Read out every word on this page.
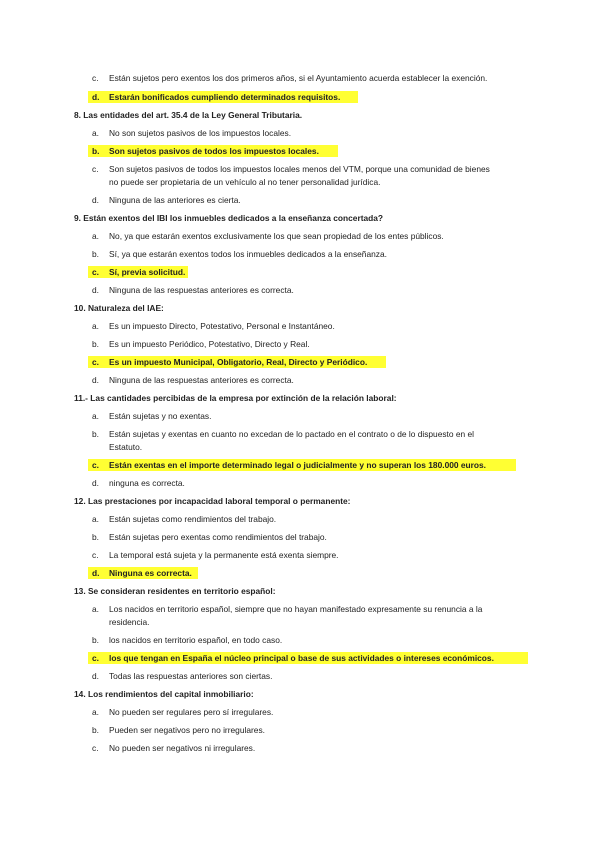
c.	Están sujetos pero exentos los dos primeros años, si el Ayuntamiento acuerda establecer la exención.
d.	Estarán bonificados cumpliendo determinados requisitos.
8. Las entidades del art. 35.4 de la Ley General Tributaria.
a.	No son sujetos pasivos de los impuestos locales.
b.	Son sujetos pasivos de todos los impuestos locales.
c.	Son sujetos pasivos de todos los impuestos locales menos del VTM, porque una comunidad de bienes
no puede ser propietaria de un vehículo al no tener personalidad jurídica.
d.	Ninguna de las anteriores es cierta.
9. Están exentos del IBI los inmuebles dedicados a la enseñanza concertada?
a.	No, ya que estarán exentos exclusivamente los que sean propiedad de los entes públicos.
b.	Sí, ya que estarán exentos todos los inmuebles dedicados a la enseñanza.
c.	Sí, previa solicitud.
d.	Ninguna de las respuestas anteriores es correcta.
10. Naturaleza del IAE:
a.	Es un impuesto Directo, Potestativo, Personal e Instantáneo.
b.	Es un impuesto Periódico, Potestativo, Directo y Real.
c.	Es un impuesto Municipal, Obligatorio, Real, Directo y Periódico.
d.	Ninguna de las respuestas anteriores es correcta.
11.- Las cantidades percibidas de la empresa por extinción de la relación laboral:
a.	Están sujetas y no exentas.
b.	Están sujetas y exentas en cuanto no excedan de lo pactado en el contrato o de lo dispuesto en el
Estatuto.
c.	Están exentas en el importe determinado legal o judicialmente y no superan los 180.000 euros.
d.	ninguna es correcta.
12. Las prestaciones por incapacidad laboral temporal o permanente:
a.	Están sujetas como rendimientos del trabajo.
b.	Están sujetas pero exentas como rendimientos del trabajo.
c.	La temporal está sujeta y la permanente está exenta siempre.
d.	Ninguna es correcta.
13. Se consideran residentes en territorio español:
a.	Los nacidos en territorio español, siempre que no hayan manifestado expresamente su renuncia a la
residencia.
b.	los nacidos en territorio español, en todo caso.
c.	los que tengan en España el núcleo principal o base de sus actividades o intereses económicos.
d.	Todas las respuestas anteriores son ciertas.
14. Los rendimientos del capital inmobiliario:
a.	No pueden ser regulares pero sí irregulares.
b.	Pueden ser negativos pero no irregulares.
c.	No pueden ser negativos ni irregulares.
